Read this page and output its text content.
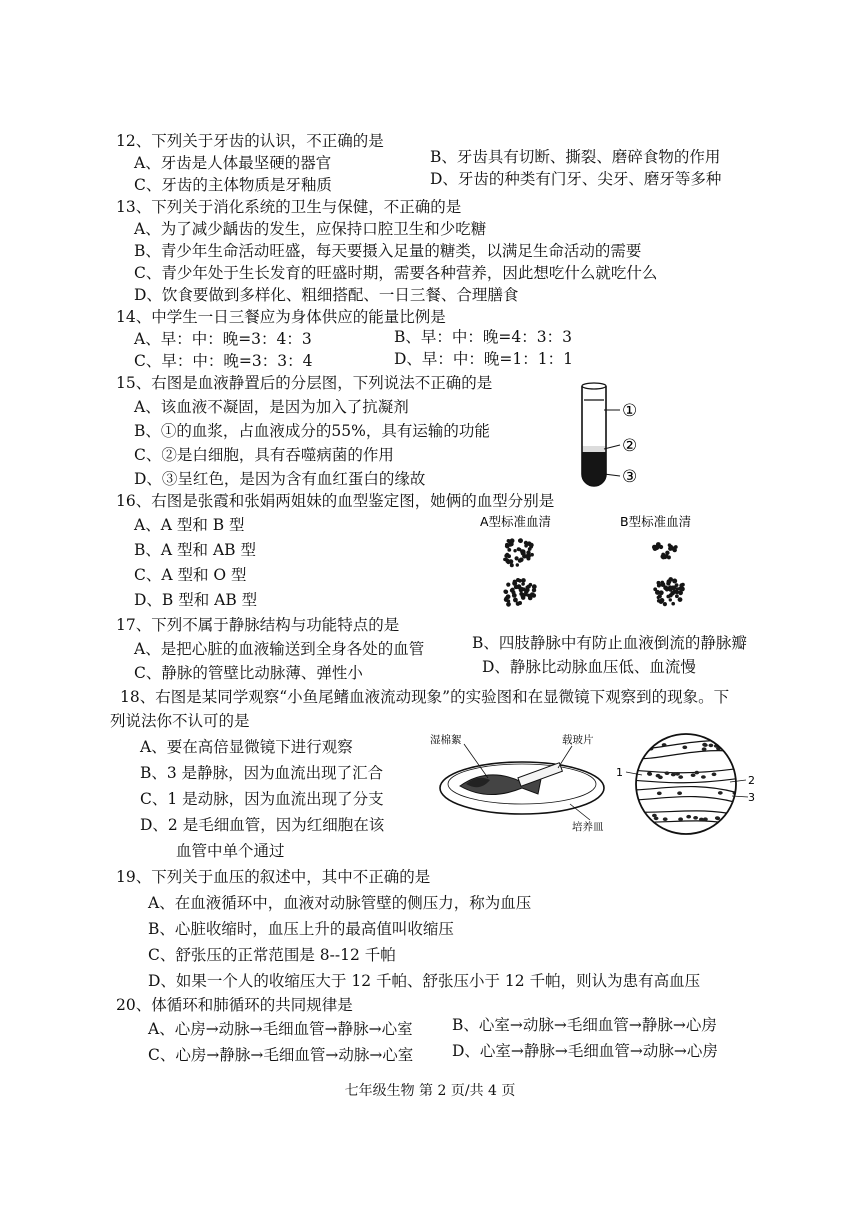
12、下列关于牙齿的认识，不正确的是
A、牙齿是人体最坚硬的器官	B、牙齿具有切断、撕裂、磨碎食物的作用
C、牙齿的主体物质是牙釉质	D、牙齿的种类有门牙、尖牙、磨牙等多种
13、下列关于消化系统的卫生与保健，不正确的是
A、为了减少龋齿的发生，应保持口腔卫生和少吃糖
B、青少年生命活动旺盛，每天要摄入足量的糖类，以满足生命活动的需要
C、青少年处于生长发育的旺盛时期，需要各种营养，因此想吃什么就吃什么
D、饮食要做到多样化、粗细搭配、一日三餐、合理膳食
14、中学生一日三餐应为身体供应的能量比例是
A、早：中：晚=3：4：3	B、早：中：晚=4：3：3
C、早：中：晚=3：3：4	D、早：中：晚=1：1：1
15、右图是血液静置后的分层图，下列说法不正确的是
A、该血液不凝固，是因为加入了抗凝剂
B、①的血浆，占血液成分的55%，具有运输的功能
C、②是白细胞，具有吞噬病菌的作用
D、③呈红色，是因为含有血红蛋白的缘故
①
②
③
16、右图是张霞和张娟两姐妹的血型鉴定图，她俩的血型分别是
A、A 型和 B 型
B、A 型和 AB 型
C、A 型和 O 型
D、B 型和 AB 型
A型标准血清	B型标准血清
17、下列不属于静脉结构与功能特点的是
A、是把心脏的血液输送到全身各处的血管	B、四肢静脉中有防止血液倒流的静脉瓣
C、静脉的管壁比动脉薄、弹性小	D、静脉比动脉血压低、血流慢
18、右图是某同学观察“小鱼尾鳍血液流动现象”的实验图和在显微镜下观察到的现象。下
列说法你不认可的是
A、要在高倍显微镜下进行观察
B、3 是静脉，因为血流出现了汇合
C、1 是动脉，因为血流出现了分支
D、2 是毛细血管，因为红细胞在该
血管中单个通过
湿棉絮	载玻片
培养皿
1
2
3
19、下列关于血压的叙述中，其中不正确的是
A、在血液循环中，血液对动脉管壁的侧压力，称为血压
B、心脏收缩时，血压上升的最高值叫收缩压
C、舒张压的正常范围是 8--12 千帕
D、如果一个人的收缩压大于 12 千帕、舒张压小于 12 千帕，则认为患有高血压
20、体循环和肺循环的共同规律是
A、心房→动脉→毛细血管→静脉→心室	B、心室→动脉→毛细血管→静脉→心房
C、心房→静脉→毛细血管→动脉→心室 D、心室→静脉→毛细血管→动脉→心房
七年级生物 第 2 页/共 4 页
